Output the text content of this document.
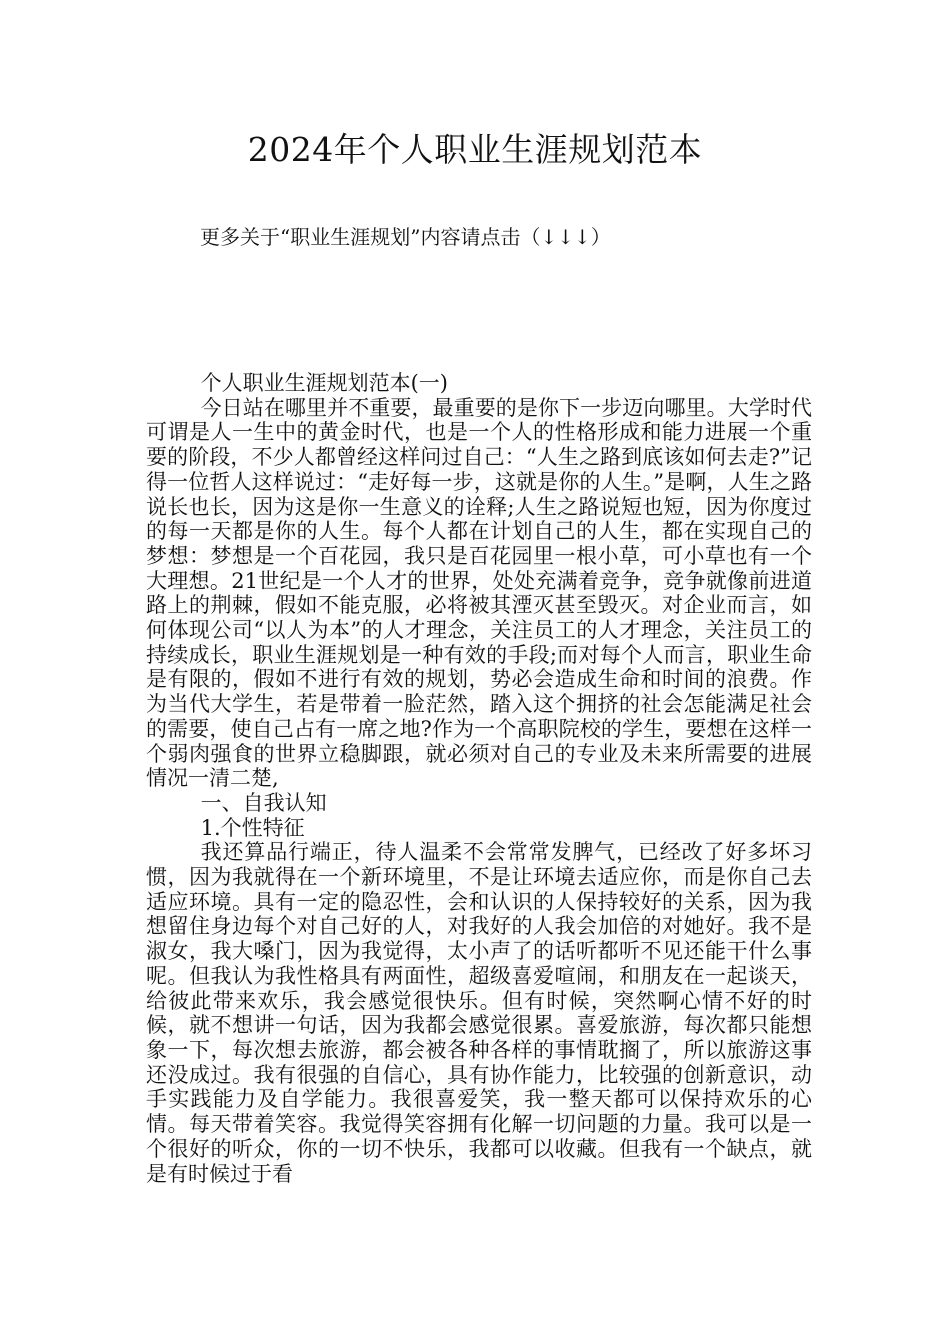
2024年个人职业生涯规划范本

更多关于“职业生涯规划”内容请点击（↓↓↓）

个人职业生涯规划范本(一)

今日站在哪里并不重要，最重要的是你下一步迈向哪里。大学时代可谓是人一生中的黄金时代，也是一个人的性格形成和能力进展一个重要的阶段，不少人都曾经这样问过自己：“人生之路到底该如何去走?”记得一位哲人这样说过：“走好每一步，这就是你的人生。”是啊，人生之路说长也长，因为这是你一生意义的诠释;人生之路说短也短，因为你度过的每一天都是你的人生。每个人都在计划自己的人生，都在实现自己的梦想：梦想是一个百花园，我只是百花园里一根小草，可小草也有一个大理想。21世纪是一个人才的世界，处处充满着竞争，竞争就像前进道路上的荆棘，假如不能克服，必将被其湮灭甚至毁灭。对企业而言，如何体现公司“以人为本”的人才理念，关注员工的人才理念，关注员工的持续成长，职业生涯规划是一种有效的手段;而对每个人而言，职业生命是有限的，假如不进行有效的规划，势必会造成生命和时间的浪费。作为当代大学生，若是带着一脸茫然，踏入这个拥挤的社会怎能满足社会的需要，使自己占有一席之地?作为一个高职院校的学生，要想在这样一个弱肉强食的世界立稳脚跟，就必须对自己的专业及未来所需要的进展情况一清二楚,

一、自我认知

1.个性特征

我还算品行端正，待人温柔不会常常发脾气，已经改了好多坏习惯，因为我就得在一个新环境里，不是让环境去适应你，而是你自己去适应环境。具有一定的隐忍性，会和认识的人保持较好的关系，因为我想留住身边每个对自己好的人，对我好的人我会加倍的对她好。我不是淑女，我大嗓门，因为我觉得，太小声了的话听都听不见还能干什么事呢。但我认为我性格具有两面性，超级喜爱喧闹，和朋友在一起谈天，给彼此带来欢乐，我会感觉很快乐。但有时候，突然啊心情不好的时候，就不想讲一句话，因为我都会感觉很累。喜爱旅游，每次都只能想象一下，每次想去旅游，都会被各种各样的事情耽搁了，所以旅游这事还没成过。我有很强的自信心，具有协作能力，比较强的创新意识，动手实践能力及自学能力。我很喜爱笑，我一整天都可以保持欢乐的心情。每天带着笑容。我觉得笑容拥有化解一切问题的力量。我可以是一个很好的听众，你的一切不快乐，我都可以收藏。但我有一个缺点，就是有时候过于看
